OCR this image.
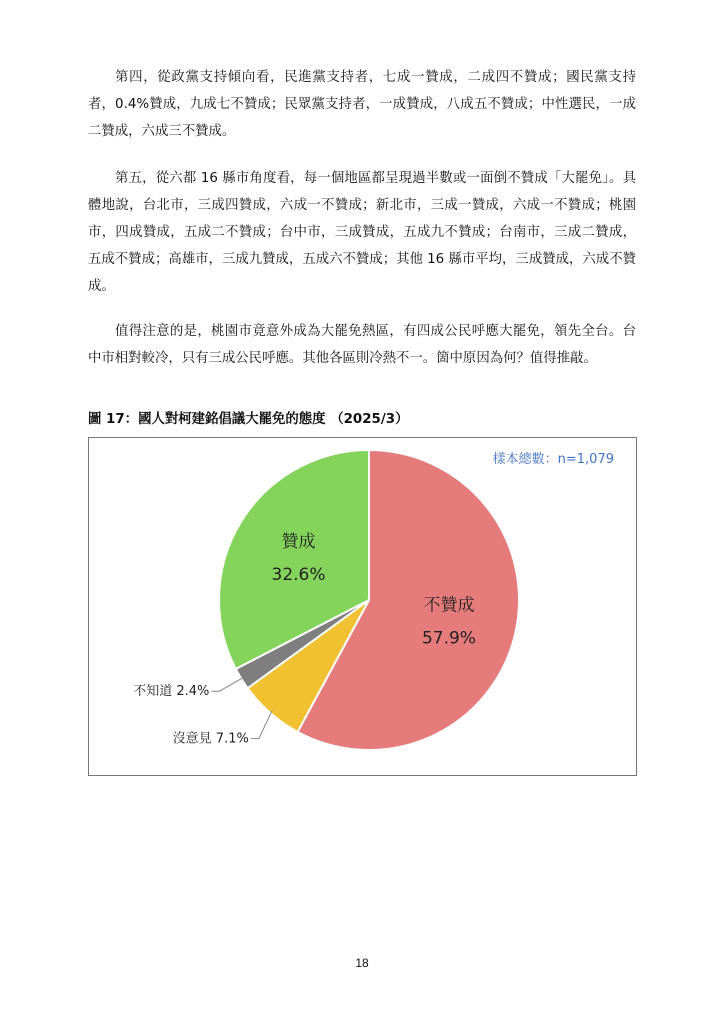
第四，從政黨支持傾向看，民進黨支持者，七成一贊成，二成四不贊成；國民黨支持者，0.4%贊成，九成七不贊成；民眾黨支持者，一成贊成，八成五不贊成；中性選民，一成二贊成，六成三不贊成。

第五，從六都 16 縣市角度看，每一個地區都呈現過半數或一面倒不贊成「大罷免」。具體地說，台北市，三成四贊成，六成一不贊成；新北市，三成一贊成，六成一不贊成；桃園市，四成贊成，五成二不贊成；台中市，三成贊成，五成九不贊成；台南市，三成二贊成，五成不贊成；高雄市，三成九贊成，五成六不贊成；其他 16 縣市平均，三成贊成，六成不贊成。

值得注意的是，桃園市竟意外成為大罷免熱區，有四成公民呼應大罷免，領先全台。台中市相對較冷，只有三成公民呼應。其他各區則冷熱不一。箇中原因為何？值得推敲。

圖 17：國人對柯建銘倡議大罷免的態度 （2025/3）
樣本總數：n=1,079
不贊成
57.9%
沒意見 7.1%
不知道 2.4%
贊成
32.6%
18
